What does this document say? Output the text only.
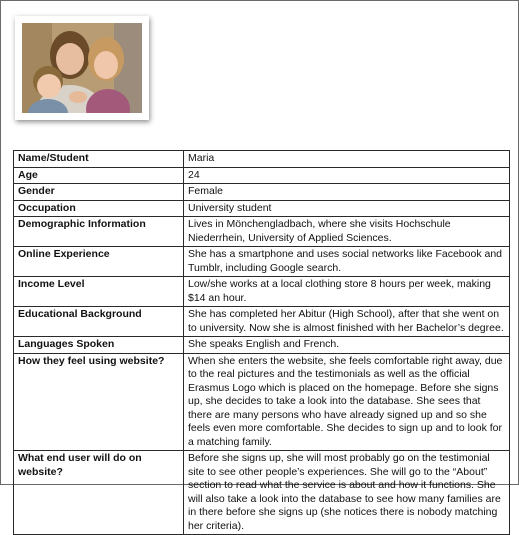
Name/Student	Maria
Age	24
Gender	Female
Occupation	University student
Demographic Information	Lives in Mönchengladbach, where she visits Hochschule Niederrhein, University of Applied Sciences.
Online Experience	She has a smartphone and uses social networks like Facebook and Tumblr, including Google search.
Income Level	Low/she works at a local clothing store 8 hours per week, making $14 an hour.
Educational Background	She has completed her Abitur (High School), after that she went on to university. Now she is almost finished with her Bachelor’s degree.
Languages Spoken	She speaks English and French.
How they feel using website?	When she enters the website, she feels comfortable right away, due to the real pictures and the testimonials as well as the official Erasmus Logo which is placed on the homepage. Before she signs up, she decides to take a look into the database. She sees that there are many persons who have already signed up and so she feels even more comfortable. She decides to sign up and to look for a matching family.
What end user will do on website?	Before she signs up, she will most probably go on the testimonial site to see other people’s experiences. She will go to the “About” section to read what the service is about and how it functions. She will also take a look into the database to see how many families are in there before she signs up (she notices there is nobody matching her criteria).
